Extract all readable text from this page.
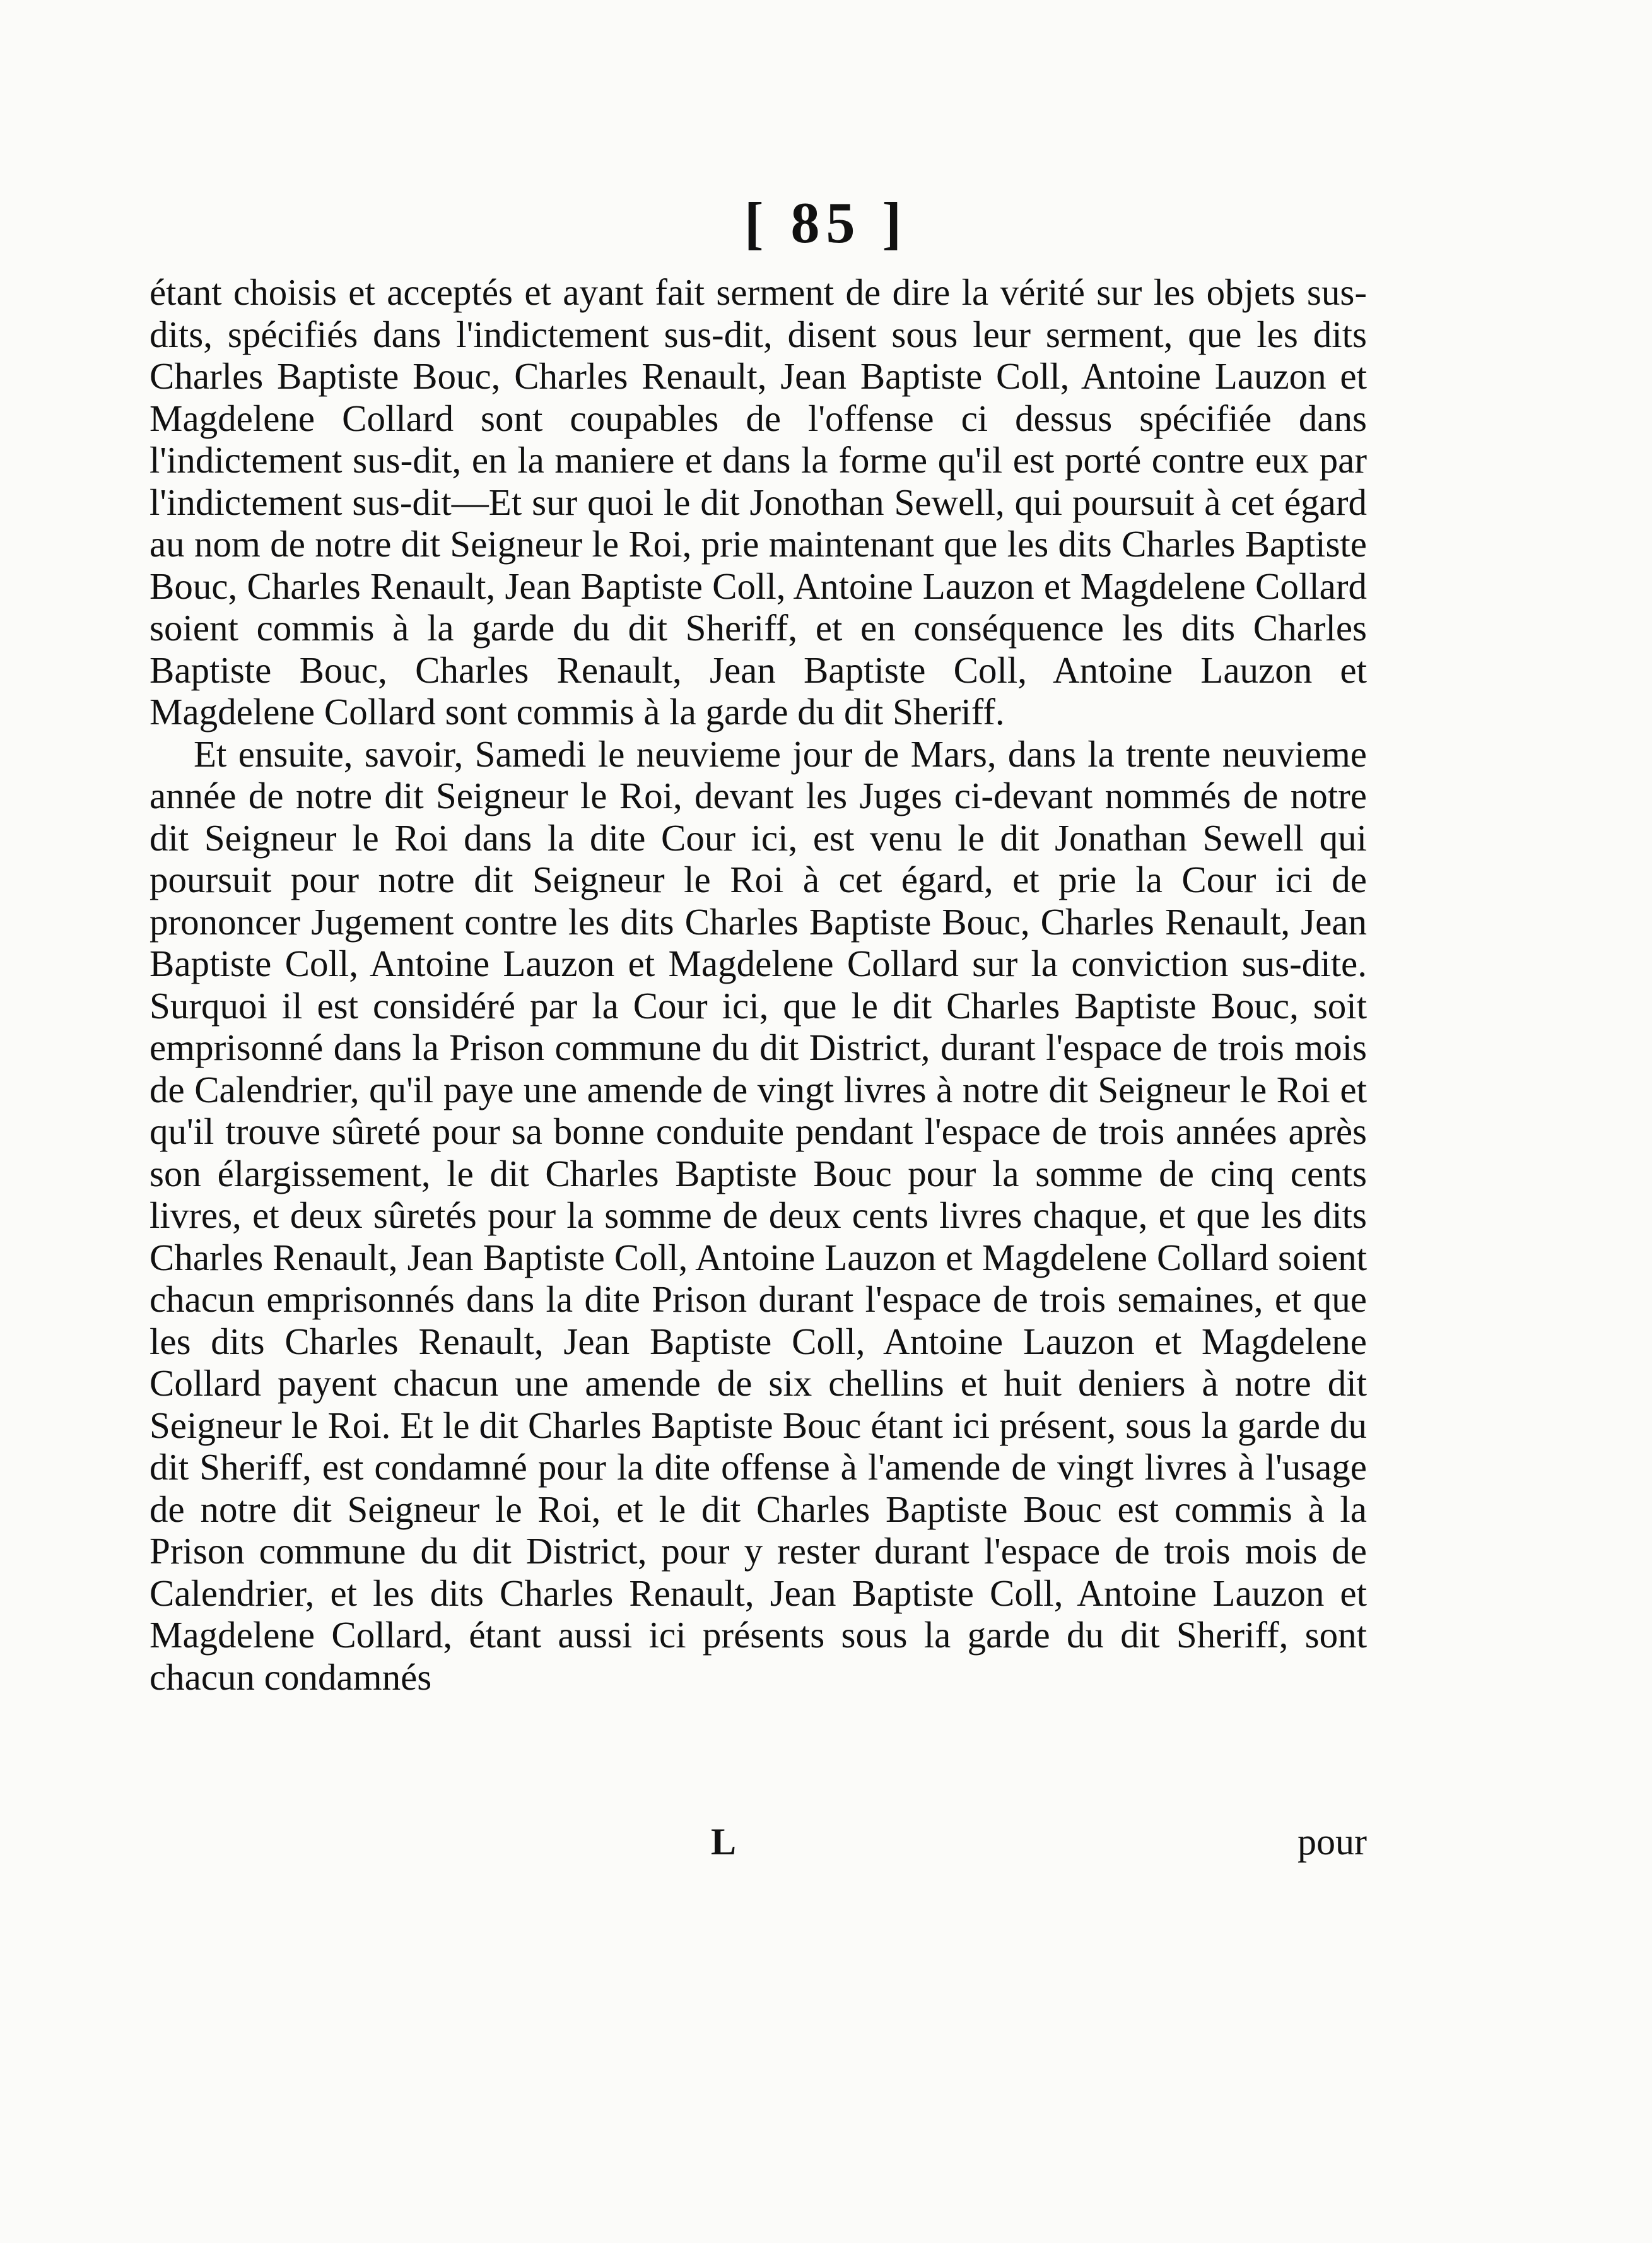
[ 85 ]

étant choisis et acceptés et ayant fait serment de dire la vérité sur les objets sus-dits, spécifiés dans l'indictement sus-dit, disent sous leur serment, que les dits Charles Baptiste Bouc, Charles Renault, Jean Baptiste Coll, Antoine Lauzon et Magdelene Collard sont coupables de l'offense ci dessus spécifiée dans l'indictement sus-dit, en la maniere et dans la forme qu'il est porté contre eux par l'indictement sus-dit—Et sur quoi le dit Jonothan Sewell, qui poursuit à cet égard au nom de notre dit Seigneur le Roi, prie maintenant que les dits Charles Baptiste Bouc, Charles Renault, Jean Baptiste Coll, Antoine Lauzon et Magdelene Collard soient commis à la garde du dit Sheriff, et en conséquence les dits Charles Baptiste Bouc, Charles Renault, Jean Baptiste Coll, Antoine Lauzon et Magdelene Collard sont commis à la garde du dit Sheriff.

Et ensuite, savoir, Samedi le neuvieme jour de Mars, dans la trente neuvieme année de notre dit Seigneur le Roi, devant les Juges ci-devant nommés de notre dit Seigneur le Roi dans la dite Cour ici, est venu le dit Jonathan Sewell qui poursuit pour notre dit Seigneur le Roi à cet égard, et prie la Cour ici de prononcer Jugement contre les dits Charles Baptiste Bouc, Charles Renault, Jean Baptiste Coll, Antoine Lauzon et Magdelene Collard sur la conviction sus-dite. Surquoi il est considéré par la Cour ici, que le dit Charles Baptiste Bouc, soit emprisonné dans la Prison commune du dit District, durant l'espace de trois mois de Calendrier, qu'il paye une amende de vingt livres à notre dit Seigneur le Roi et qu'il trouve sûreté pour sa bonne conduite pendant l'espace de trois années après son élargissement, le dit Charles Baptiste Bouc pour la somme de cinq cents livres, et deux sûretés pour la somme de deux cents livres chaque, et que les dits Charles Renault, Jean Baptiste Coll, Antoine Lauzon et Magdelene Collard soient chacun emprisonnés dans la dite Prison durant l'espace de trois semaines, et que les dits Charles Renault, Jean Baptiste Coll, Antoine Lauzon et Magdelene Collard payent chacun une amende de six chellins et huit deniers à notre dit Seigneur le Roi. Et le dit Charles Baptiste Bouc étant ici présent, sous la garde du dit Sheriff, est condamné pour la dite offense à l'amende de vingt livres à l'usage de notre dit Seigneur le Roi, et le dit Charles Baptiste Bouc est commis à la Prison commune du dit District, pour y rester durant l'espace de trois mois de Calendrier, et les dits Charles Renault, Jean Baptiste Coll, Antoine Lauzon et Magdelene Collard, étant aussi ici présents sous la garde du dit Sheriff, sont chacun condamnés

L	pour
